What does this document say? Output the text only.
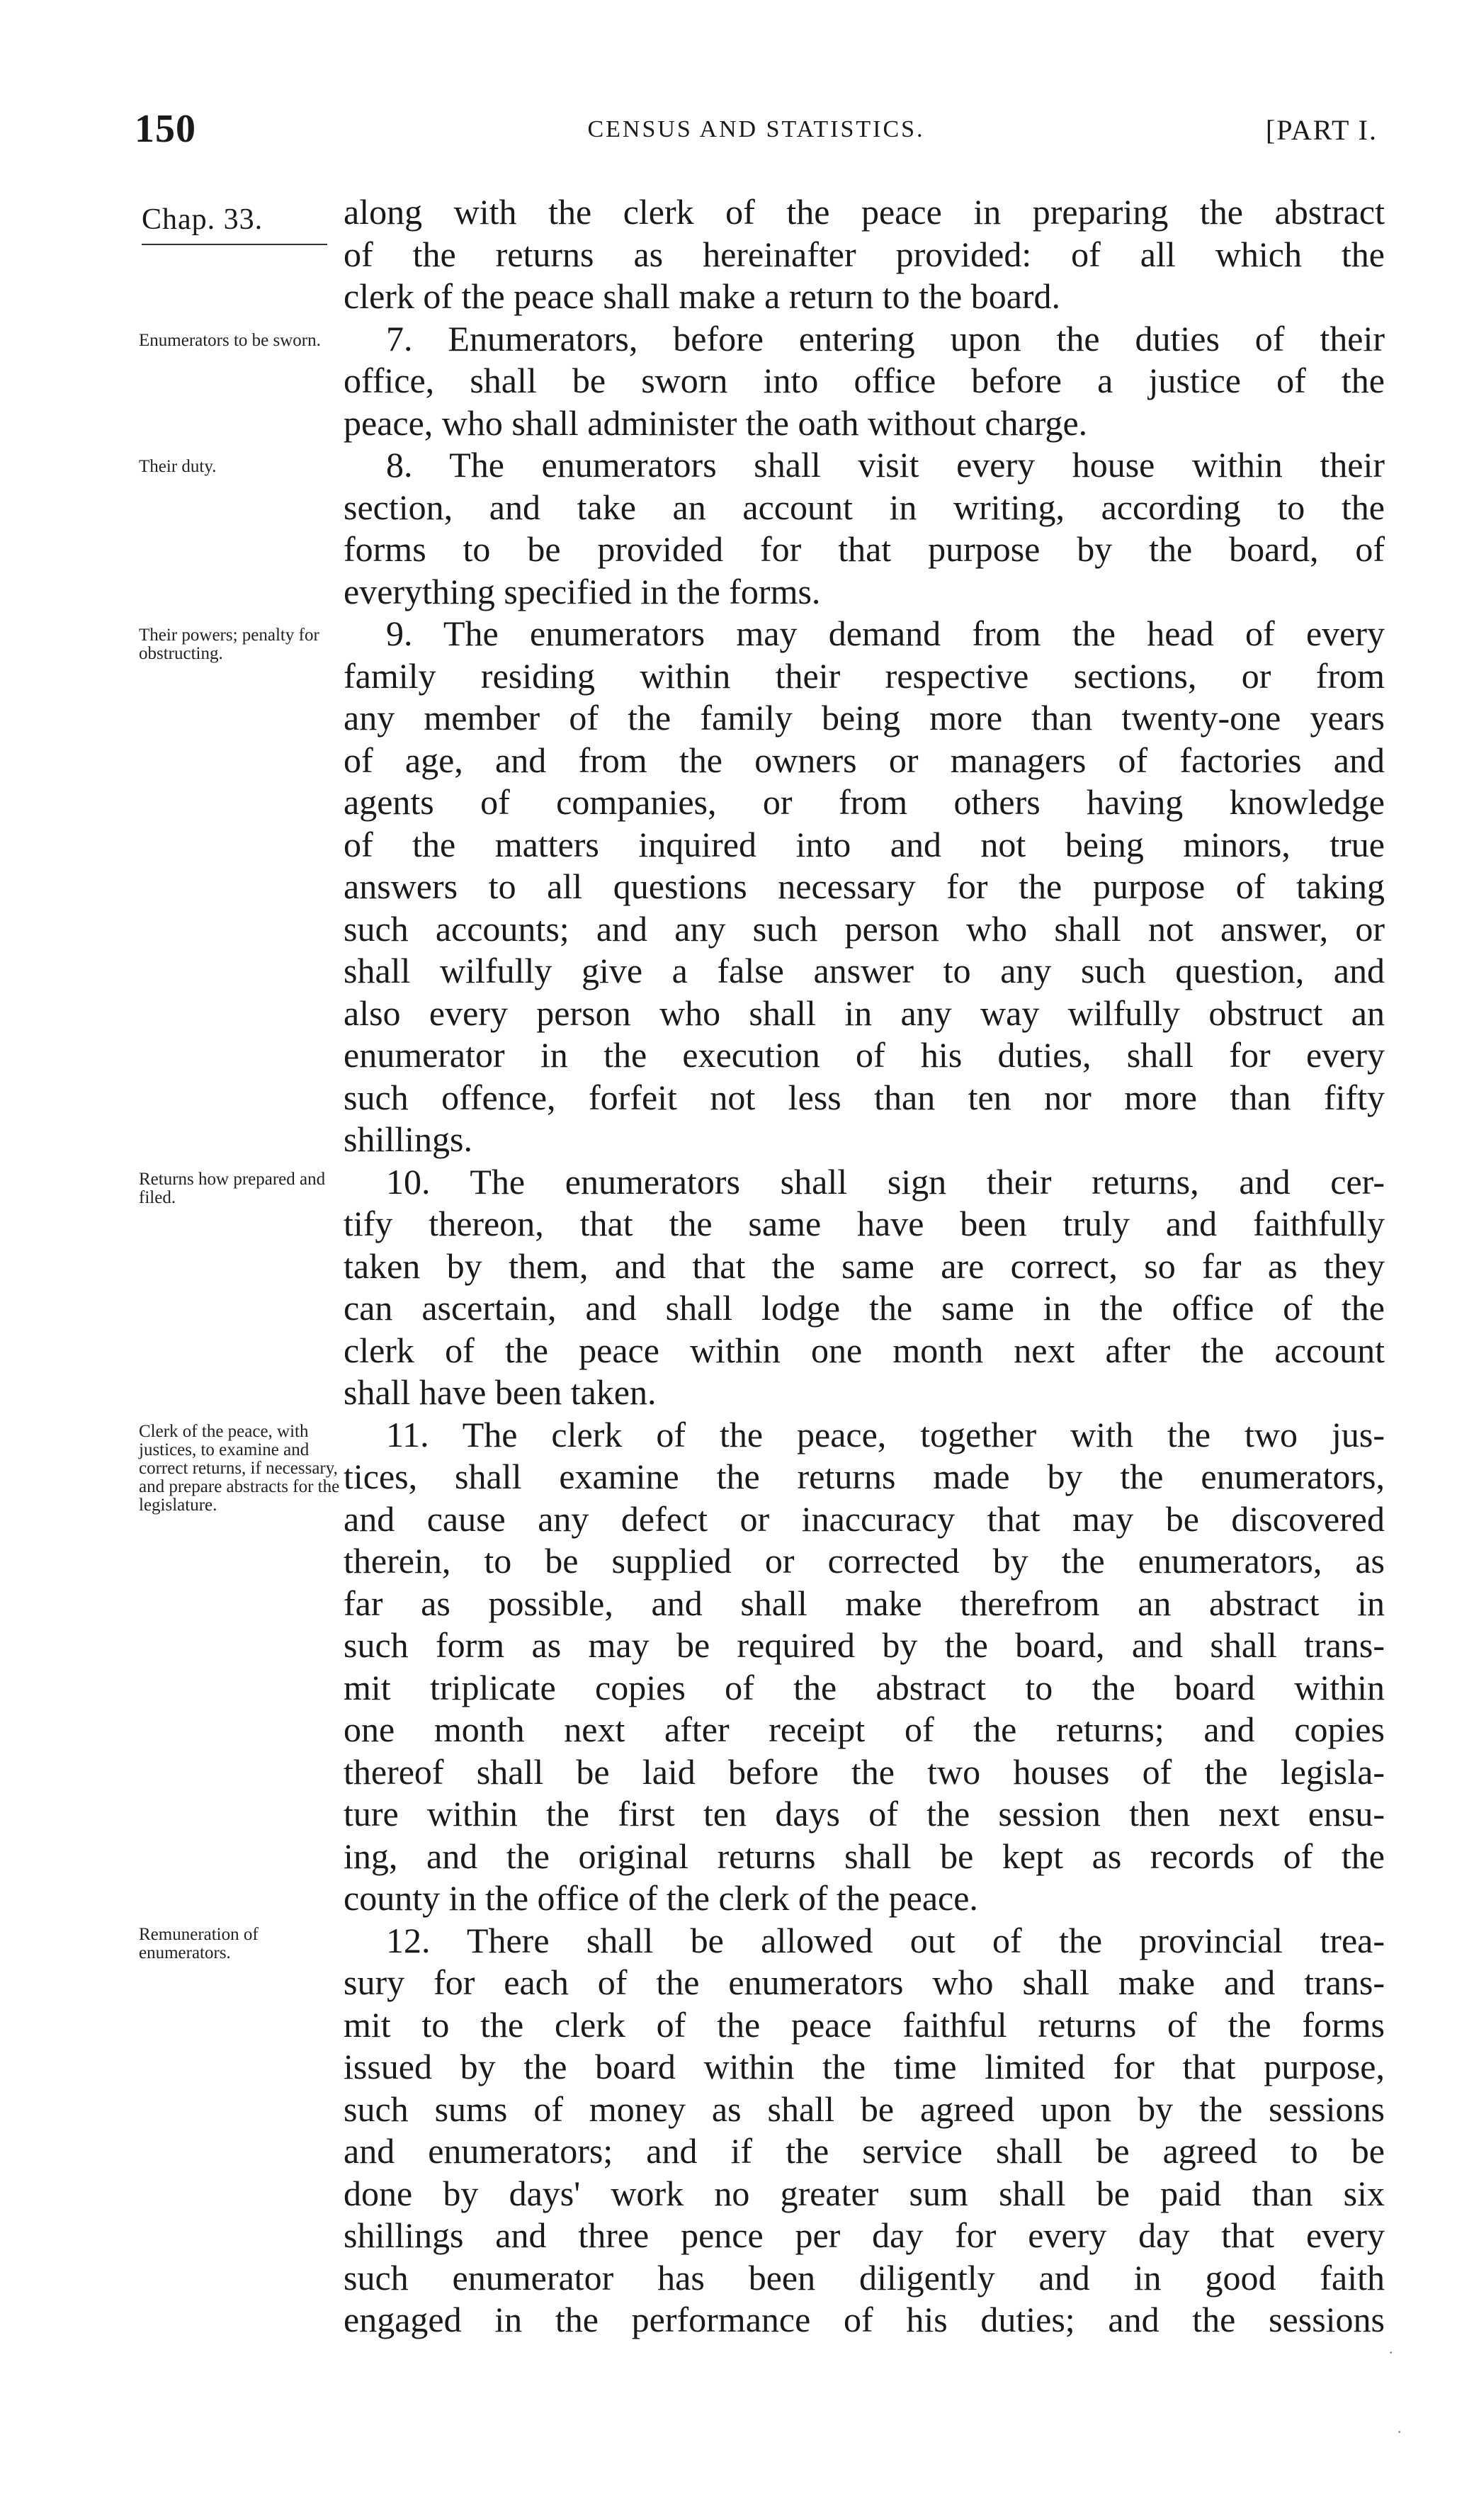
150	CENSUS AND STATISTICS.	[PART I.
Chap. 33.
Enumerators to be sworn.
Their duty.
Their powers; penalty for obstructing.
Returns how prepared and filed.
Clerk of the peace, with justices, to examine and correct returns, if necessary, and prepare abstracts for the legislature.
Remuneration of enumerators.
along with the clerk of the peace in preparing the abstract
of the returns as hereinafter provided: of all which the
clerk of the peace shall make a return to the board.
7. Enumerators, before entering upon the duties of their
office, shall be sworn into office before a justice of the
peace, who shall administer the oath without charge.
8. The enumerators shall visit every house within their
section, and take an account in writing, according to the
forms to be provided for that purpose by the board, of
everything specified in the forms.
9. The enumerators may demand from the head of every
family residing within their respective sections, or from
any member of the family being more than twenty-one years
of age, and from the owners or managers of factories and
agents of companies, or from others having knowledge
of the matters inquired into and not being minors, true
answers to all questions necessary for the purpose of taking
such accounts; and any such person who shall not answer, or
shall wilfully give a false answer to any such question, and
also every person who shall in any way wilfully obstruct an
enumerator in the execution of his duties, shall for every
such offence, forfeit not less than ten nor more than fifty
shillings.
10. The enumerators shall sign their returns, and cer-
tify thereon, that the same have been truly and faithfully
taken by them, and that the same are correct, so far as they
can ascertain, and shall lodge the same in the office of the
clerk of the peace within one month next after the account
shall have been taken.
11. The clerk of the peace, together with the two jus-
tices, shall examine the returns made by the enumerators,
and cause any defect or inaccuracy that may be discovered
therein, to be supplied or corrected by the enumerators, as
far as possible, and shall make therefrom an abstract in
such form as may be required by the board, and shall trans-
mit triplicate copies of the abstract to the board within
one month next after receipt of the returns; and copies
thereof shall be laid before the two houses of the legisla-
ture within the first ten days of the session then next ensu-
ing, and the original returns shall be kept as records of the
county in the office of the clerk of the peace.
12. There shall be allowed out of the provincial trea-
sury for each of the enumerators who shall make and trans-
mit to the clerk of the peace faithful returns of the forms
issued by the board within the time limited for that purpose,
such sums of money as shall be agreed upon by the sessions
and enumerators; and if the service shall be agreed to be
done by days' work no greater sum shall be paid than six
shillings and three pence per day for every day that every
such enumerator has been diligently and in good faith
engaged in the performance of his duties; and the sessions
·
·
